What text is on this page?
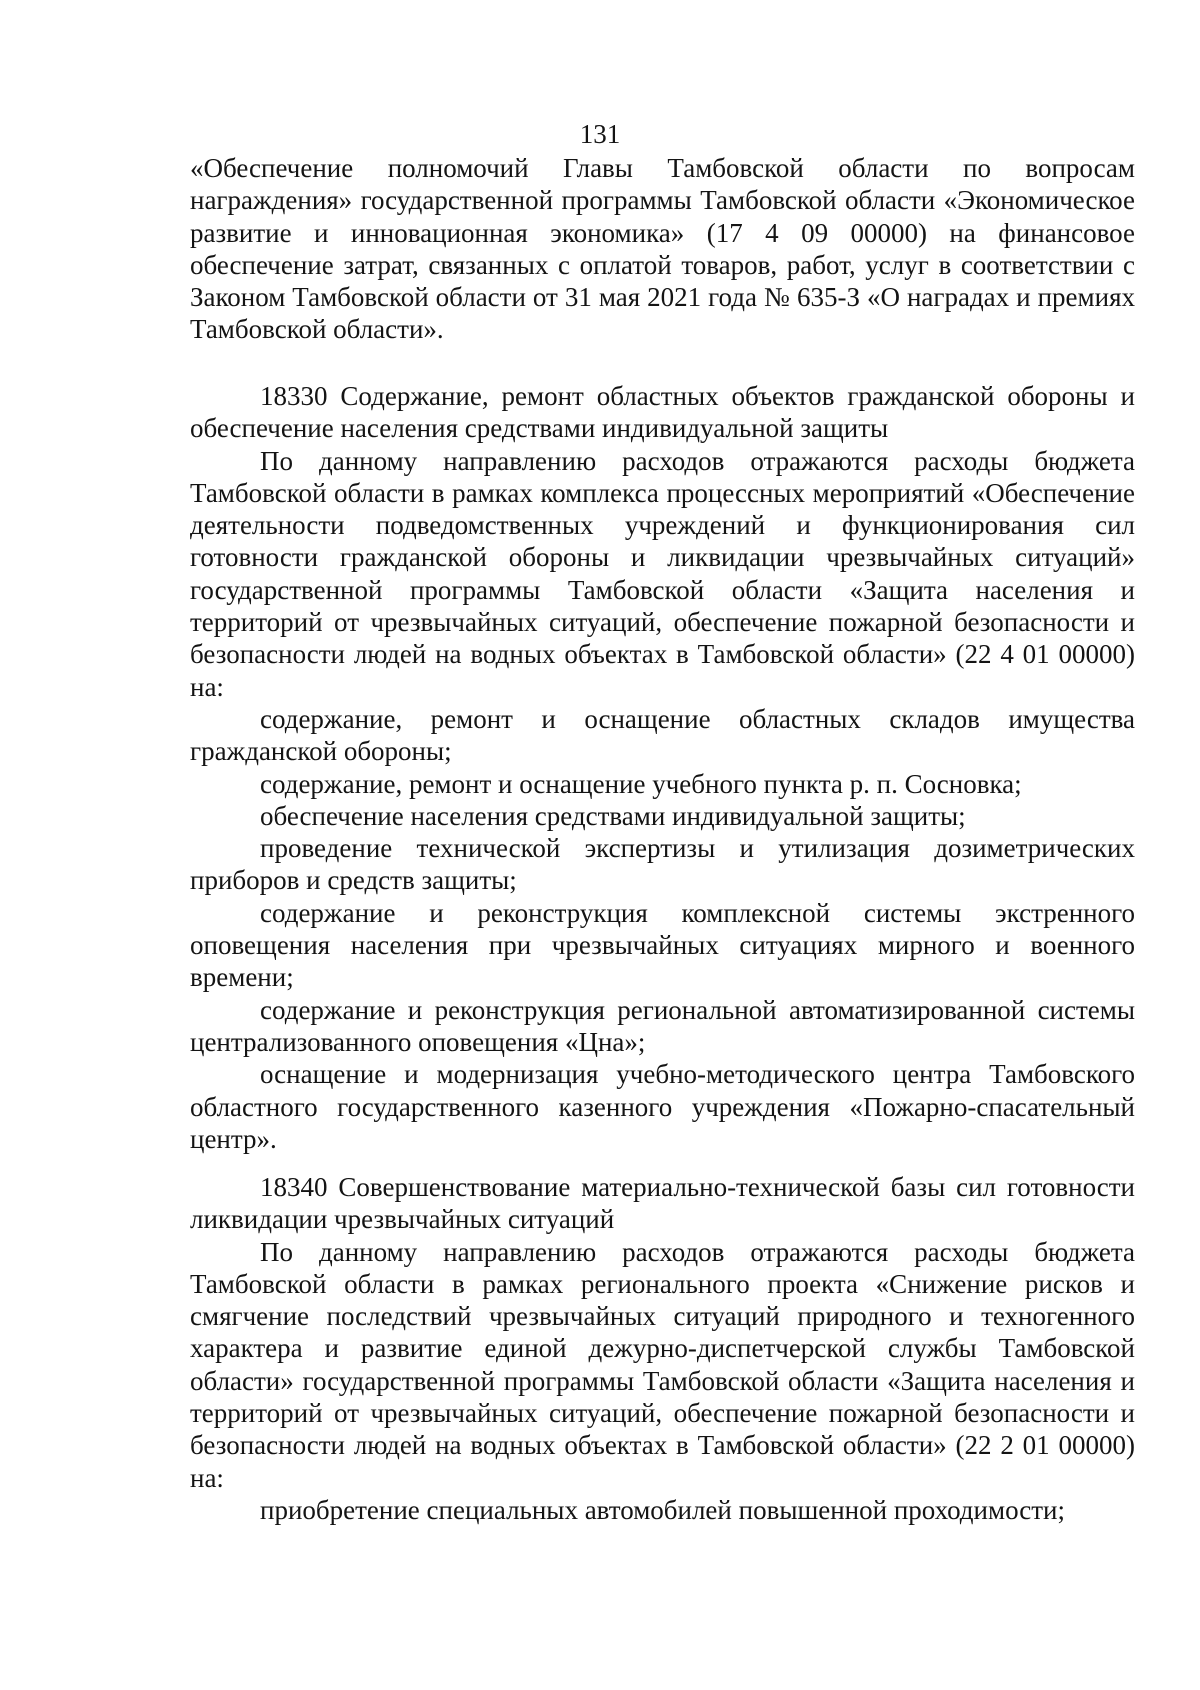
131

«Обеспечение полномочий Главы Тамбовской области по вопросам награждения» государственной программы Тамбовской области «Экономическое развитие и инновационная экономика» (17 4 09 00000) на финансовое обеспечение затрат, связанных с оплатой товаров, работ, услуг в соответствии с Законом Тамбовской области от 31 мая 2021 года № 635-З «О наградах и премиях Тамбовской области».

18330 Содержание, ремонт областных объектов гражданской обороны и обеспечение населения средствами индивидуальной защиты

По данному направлению расходов отражаются расходы бюджета Тамбовской области в рамках комплекса процессных мероприятий «Обеспечение деятельности подведомственных учреждений и функционирования сил готовности гражданской обороны и ликвидации чрезвычайных ситуаций» государственной программы Тамбовской области «Защита населения и территорий от чрезвычайных ситуаций, обеспечение пожарной безопасности и безопасности людей на водных объектах в Тамбовской области» (22 4 01 00000) на:

содержание, ремонт и оснащение областных складов имущества гражданской обороны;

содержание, ремонт и оснащение учебного пункта р. п. Сосновка;

обеспечение населения средствами индивидуальной защиты;

проведение технической экспертизы и утилизация дозиметрических приборов и средств защиты;

содержание и реконструкция комплексной системы экстренного оповещения населения при чрезвычайных ситуациях мирного и военного времени;

содержание и реконструкция региональной автоматизированной системы централизованного оповещения «Цна»;

оснащение и модернизация учебно-методического центра Тамбовского областного государственного казенного учреждения «Пожарно-спасательный центр».

18340 Совершенствование материально-технической базы сил готовности ликвидации чрезвычайных ситуаций

По данному направлению расходов отражаются расходы бюджета Тамбовской области в рамках регионального проекта «Снижение рисков и смягчение последствий чрезвычайных ситуаций природного и техногенного характера и развитие единой дежурно-диспетчерской службы Тамбовской области» государственной программы Тамбовской области «Защита населения и территорий от чрезвычайных ситуаций, обеспечение пожарной безопасности и безопасности людей на водных объектах в Тамбовской области» (22 2 01 00000) на:

приобретение специальных автомобилей повышенной проходимости;
